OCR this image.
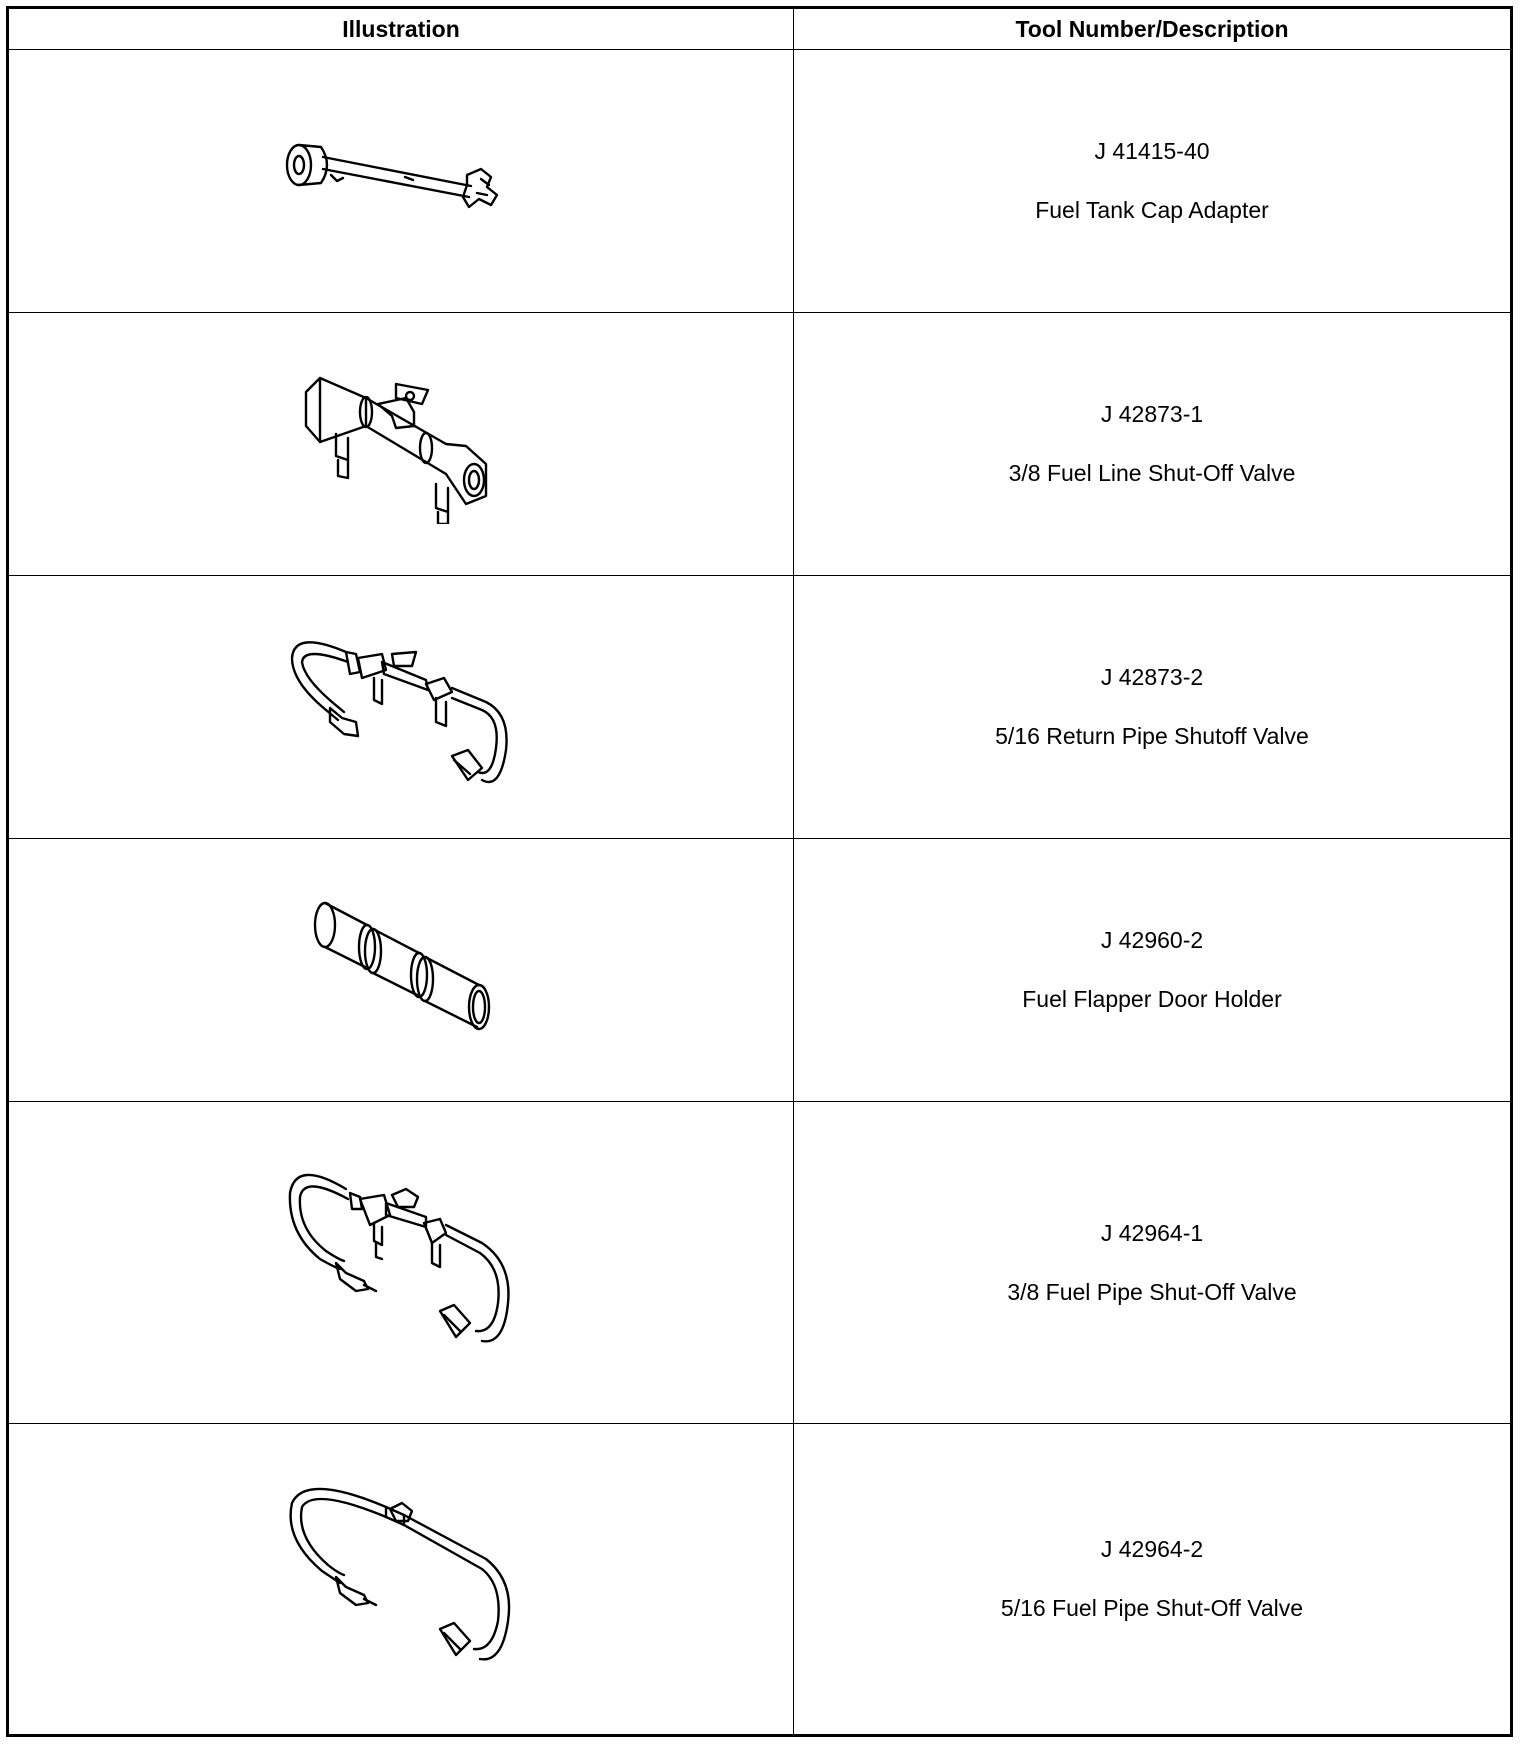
Illustration	Tool Number/Description
J 41415-40
Fuel Tank Cap Adapter
J 42873-1
3/8 Fuel Line Shut-Off Valve
J 42873-2
5/16 Return Pipe Shutoff Valve
J 42960-2
Fuel Flapper Door Holder
J 42964-1
3/8 Fuel Pipe Shut-Off Valve
J 42964-2
5/16 Fuel Pipe Shut-Off Valve
